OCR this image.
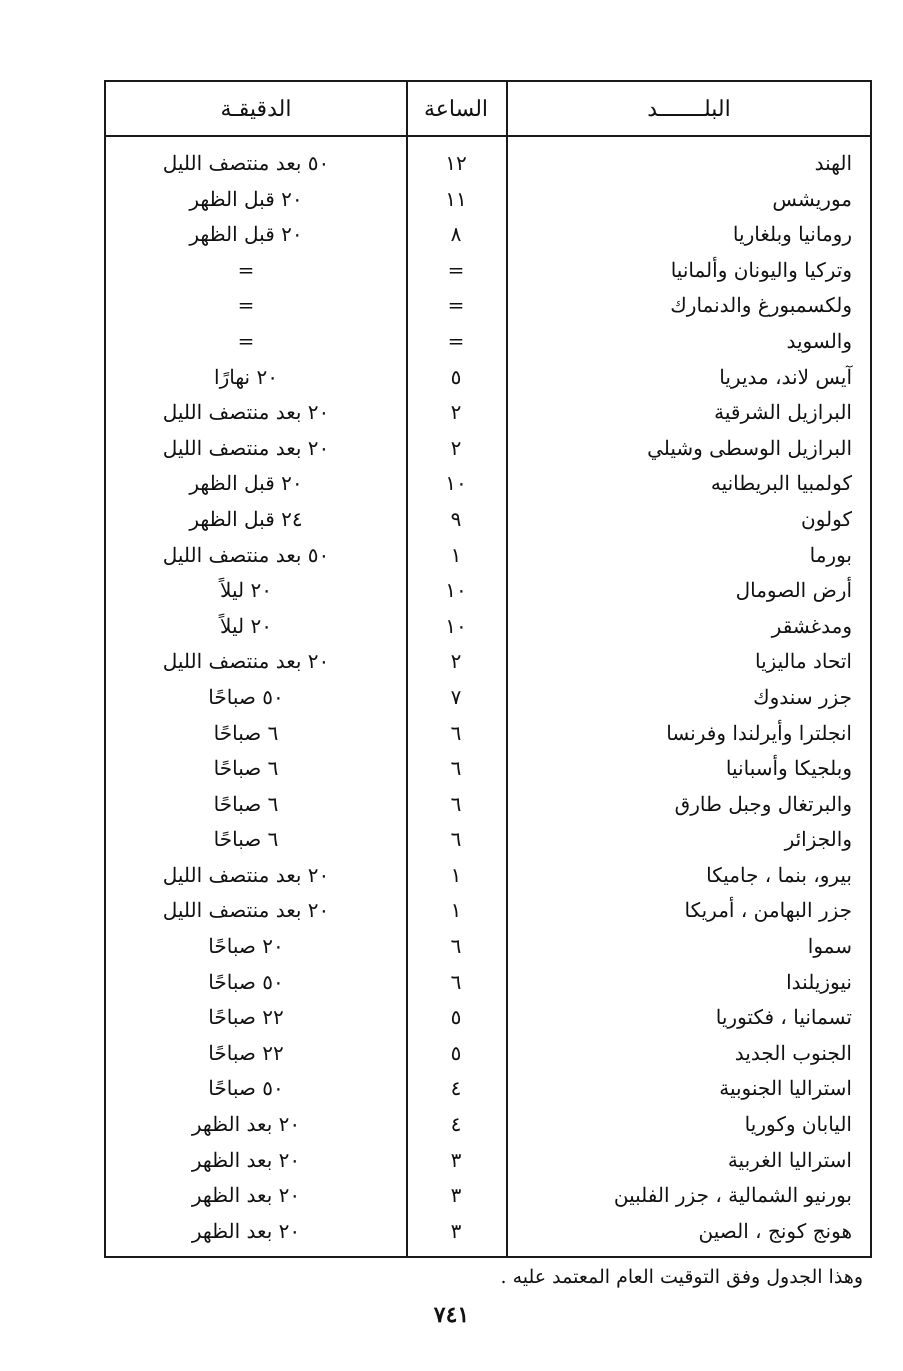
الدقيقـة	الساعة	البلـــــــد
٥٠ بعد منتصف الليل	١٢	الهند
٢٠ قبل الظهر	١١	موريشس
٢٠ قبل الظهر	٨	رومانيا وبلغاريا
=	=	وتركيا واليونان وألمانيا
=	=	ولكسمبورغ والدنمارك
=	=	والسويد
٢٠ نهارًا	٥	آيس لاند، مديريا
٢٠ بعد منتصف الليل	٢	البرازيل الشرقية
٢٠ بعد منتصف الليل	٢	البرازيل الوسطى وشيلي
٢٠ قبل الظهر	١٠	كولمبيا البريطانيه
٢٤ قبل الظهر	٩	كولون
٥٠ بعد منتصف الليل	١	بورما
٢٠ ليلاً	١٠	أرض الصومال
٢٠ ليلاً	١٠	ومدغشقر
٢٠ بعد منتصف الليل	٢	اتحاد ماليزيا
٥٠ صباحًا	٧	جزر سندوك
٦ صباحًا	٦	انجلترا وأيرلندا وفرنسا
٦ صباحًا	٦	وبلجيكا وأسبانيا
٦ صباحًا	٦	والبرتغال وجبل طارق
٦ صباحًا	٦	والجزائر
٢٠ بعد منتصف الليل	١	بيرو، بنما ، جاميكا
٢٠ بعد منتصف الليل	١	جزر البهامن ، أمريكا
٢٠ صباحًا	٦	سموا
٥٠ صباحًا	٦	نيوزيلندا
٢٢ صباحًا	٥	تسمانيا ، فكتوريا
٢٢ صباحًا	٥	الجنوب الجديد
٥٠ صباحًا	٤	استراليا الجنوبية
٢٠ بعد الظهر	٤	اليابان وكوريا
٢٠ بعد الظهر	٣	استراليا الغربية
٢٠ بعد الظهر	٣	بورنيو الشمالية ، جزر الفلبين
٢٠ بعد الظهر	٣	هونج كونج ، الصين
وهذا الجدول وفق التوقيت العام المعتمد عليه .
٧٤١
